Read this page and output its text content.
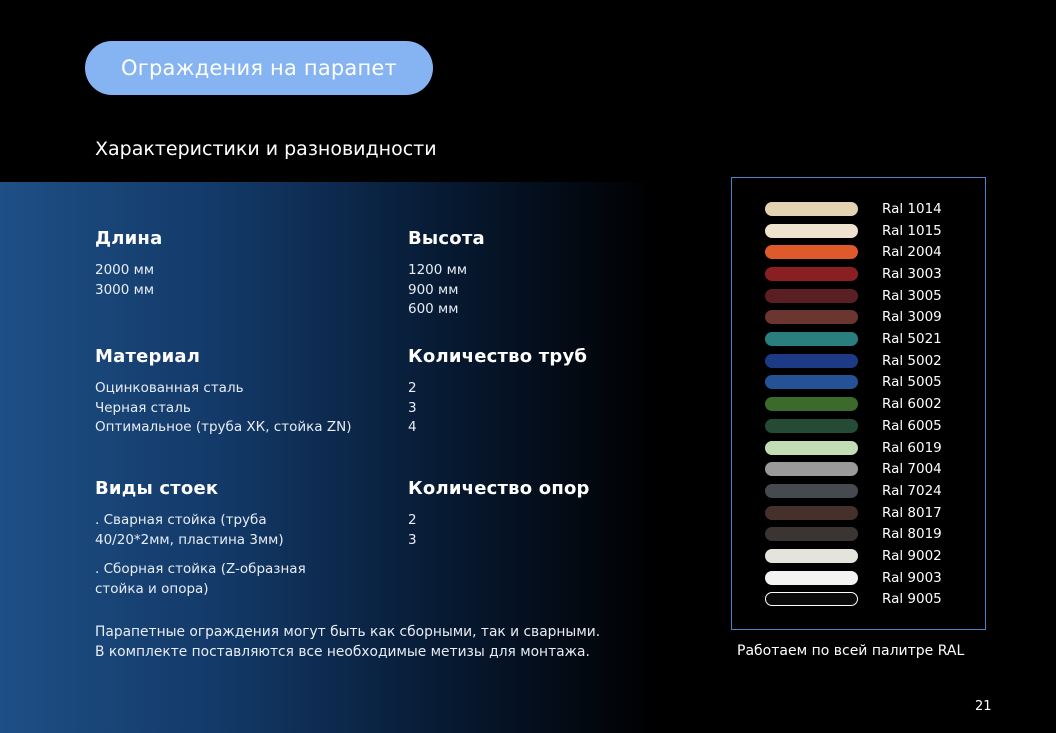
Ограждения на парапет
Характеристики и разновидности
Длина
2000 мм
3000 мм
Высота
1200 мм
900 мм
600 мм
Материал
Оцинкованная сталь
Черная сталь
Оптимальное (труба ХК, стойка ZN)
Количество труб
2
3
4
Виды стоек
. Сварная стойка (труба
40/20*2мм, пластина 3мм)
. Сборная стойка (Z-образная
стойка и опора)
Количество опор
2
3
Парапетные ограждения могут быть как сборными, так и сварными.
В комплекте поставляются все необходимые метизы для монтажа.
Ral 1014
Ral 1015
Ral 2004
Ral 3003
Ral 3005
Ral 3009
Ral 5021
Ral 5002
Ral 5005
Ral 6002
Ral 6005
Ral 6019
Ral 7004
Ral 7024
Ral 8017
Ral 8019
Ral 9002
Ral 9003
Ral 9005
Работаем по всей палитре RAL
21
